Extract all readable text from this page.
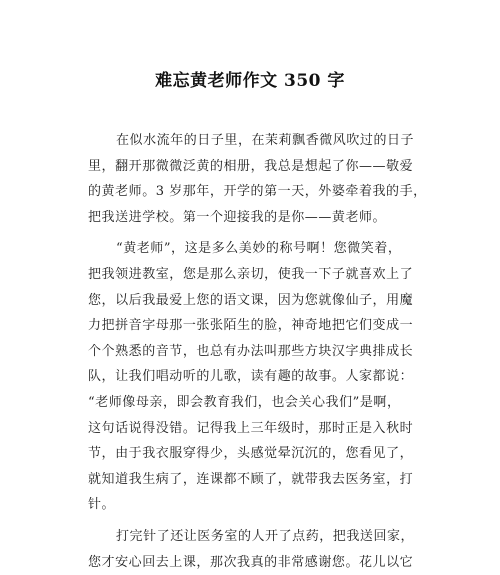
难忘黄老师作文 350 字
在似水流年的日子里，在茉莉飘香微风吹过的日子
里，翻开那微微泛黄的相册，我总是想起了你——敬爱
的黄老师。3 岁那年，开学的第一天，外婆牵着我的手，
把我送进学校。第一个迎接我的是你——黄老师。
“黄老师”，这是多么美妙的称号啊！您微笑着，
把我领进教室，您是那么亲切，使我一下子就喜欢上了
您，以后我最爱上您的语文课，因为您就像仙子，用魔
力把拼音字母那一张张陌生的脸，神奇地把它们变成一
个个熟悉的音节，也总有办法叫那些方块汉字典排成长
队，让我们唱动听的儿歌，读有趣的故事。人家都说：
“老师像母亲，即会教育我们，也会关心我们”是啊，
这句话说得没错。记得我上三年级时，那时正是入秋时
节，由于我衣服穿得少，头感觉晕沉沉的，您看见了，
就知道我生病了，连课都不顾了，就带我去医务室，打
针。
打完针了还让医务室的人开了点药，把我送回家，
您才安心回去上课，那次我真的非常感谢您。花儿以它
